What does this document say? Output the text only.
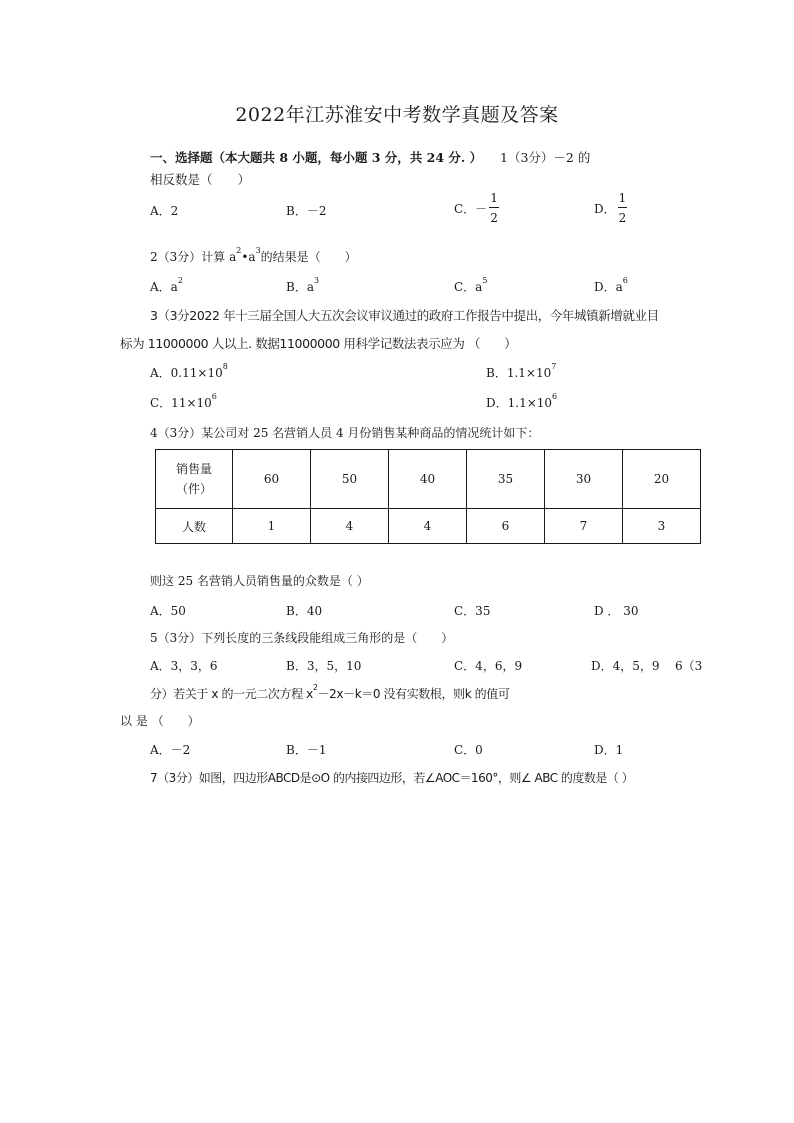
2022年江苏淮安中考数学真题及答案
一、选择题（本大题共 8 小题，每小题 3 分，共 24 分. ） 1（3分）－2 的
相反数是（　　）
A．2	B．－2	C．－ $\frac{1}{2}$	D． $\frac{1}{2}$
2（3分）计算 $a^2•a^3$的结果是（　　）
A．$a^2$	B．$a^3$	C．$a^5$	D．$a^6$
3（3分2022 年十三届全国人大五次会议审议通过的政府工作报告中提出，今年城镇新增就业目
标为 11000000 人以上. 数据11000000 用科学记数法表示应为 （　　）
A．$0.11\times 10^8$	B．$1.1\times 10^7$
C．$11\times 10^6$	D．$1.1\times 10^6$
4（3分）某公司对 25 名营销人员 4 月份销售某种商品的情况统计如下：
销售量
（件）	60	50	40	35	30	20
人数	1	4	4	6	7	3
则这 25 名营销人员销售量的众数是（ ）
A．50	B．40	C．35	D ． 30
5（3分）下列长度的三条线段能组成三角形的是（　　）
A．3，3，6	B．3，5，10	C．4，6，9	D．4，5，9 6（3
分）若关于 x 的一元二次方程 $x^2-2x-k=0$ 没有实数根，则k 的值可
以 是 （　　）
A．－2	B．－1	C．0	D．1
7（3分）如图，四边形ABCD是⊙O 的内接四边形，若∠AOC＝160°，则∠ ABC 的度数是（ ）
